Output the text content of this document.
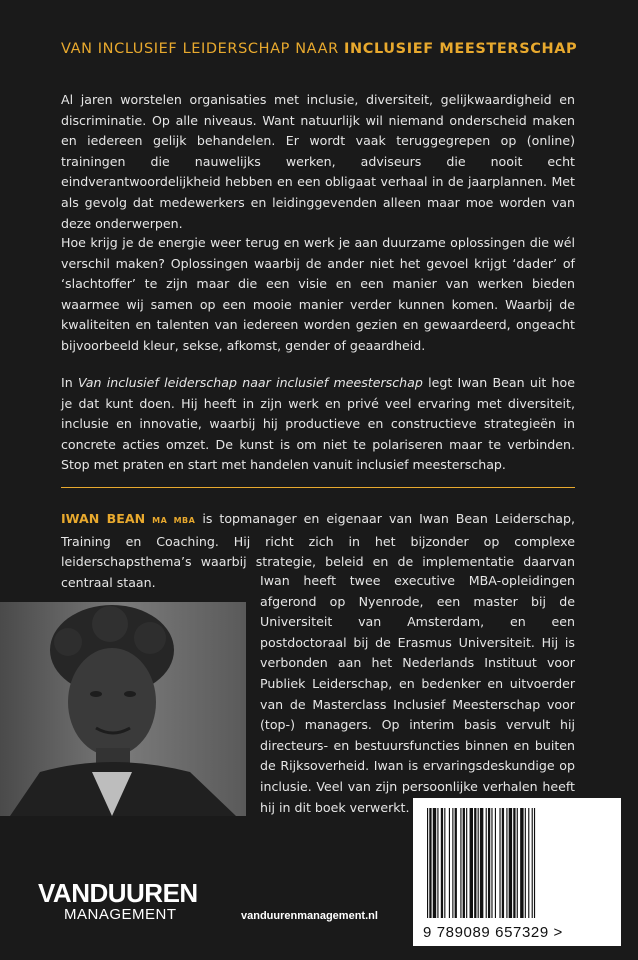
VAN INCLUSIEF LEIDERSCHAP NAAR INCLUSIEF MEESTERSCHAP

Al jaren worstelen organisaties met inclusie, diversiteit, gelijkwaardigheid en discriminatie. Op alle niveaus. Want natuurlijk wil niemand onderscheid maken en iedereen gelijk behandelen. Er wordt vaak teruggegrepen op (online) trainingen die nauwelijks werken, adviseurs die nooit echt eindverantwoordelijkheid hebben en een obligaat verhaal in de jaarplannen. Met als gevolg dat medewerkers en leidinggevenden alleen maar moe worden van deze onderwerpen.

Hoe krijg je de energie weer terug en werk je aan duurzame oplossingen die wél verschil maken? Oplossingen waarbij de ander niet het gevoel krijgt ‘dader’ of ‘slachtoffer’ te zijn maar die een visie en een manier van werken bieden waarmee wij samen op een mooie manier verder kunnen komen. Waarbij de kwaliteiten en talenten van iedereen worden gezien en gewaardeerd, ongeacht bijvoorbeeld kleur, sekse, afkomst, gender of geaardheid.

In Van inclusief leiderschap naar inclusief meesterschap legt Iwan Bean uit hoe je dat kunt doen. Hij heeft in zijn werk en privé veel ervaring met diversiteit, inclusie en innovatie, waarbij hij productieve en constructieve strategieën in concrete acties omzet. De kunst is om niet te polariseren maar te verbinden. Stop met praten en start met handelen vanuit inclusief meesterschap.

IWAN BEAN MA MBA is topmanager en eigenaar van Iwan Bean Leiderschap, Training en Coaching. Hij richt zich in het bijzonder op complexe leiderschapsthema’s waarbij strategie, beleid en de implementatie daarvan centraal staan.	Iwan heeft twee executive MBA-opleidingen afgerond op Nyenrode, een master bij de Universiteit van Amsterdam, en een postdoctoraal bij de Erasmus Universiteit. Hij is verbonden aan het Nederlands Instituut voor Publiek Leiderschap, en bedenker en uitvoerder van de Masterclass Inclusief Meesterschap voor (top-) managers. Op interim basis vervult hij directeurs- en bestuursfuncties binnen en buiten de Rijksoverheid. Iwan is ervaringsdeskundige op inclusie. Veel van zijn persoonlijke verhalen heeft hij in dit boek verwerkt.

VANDUUREN
MANAGEMENT	vanduurenmanagement.nl
9 789089 657329 >
